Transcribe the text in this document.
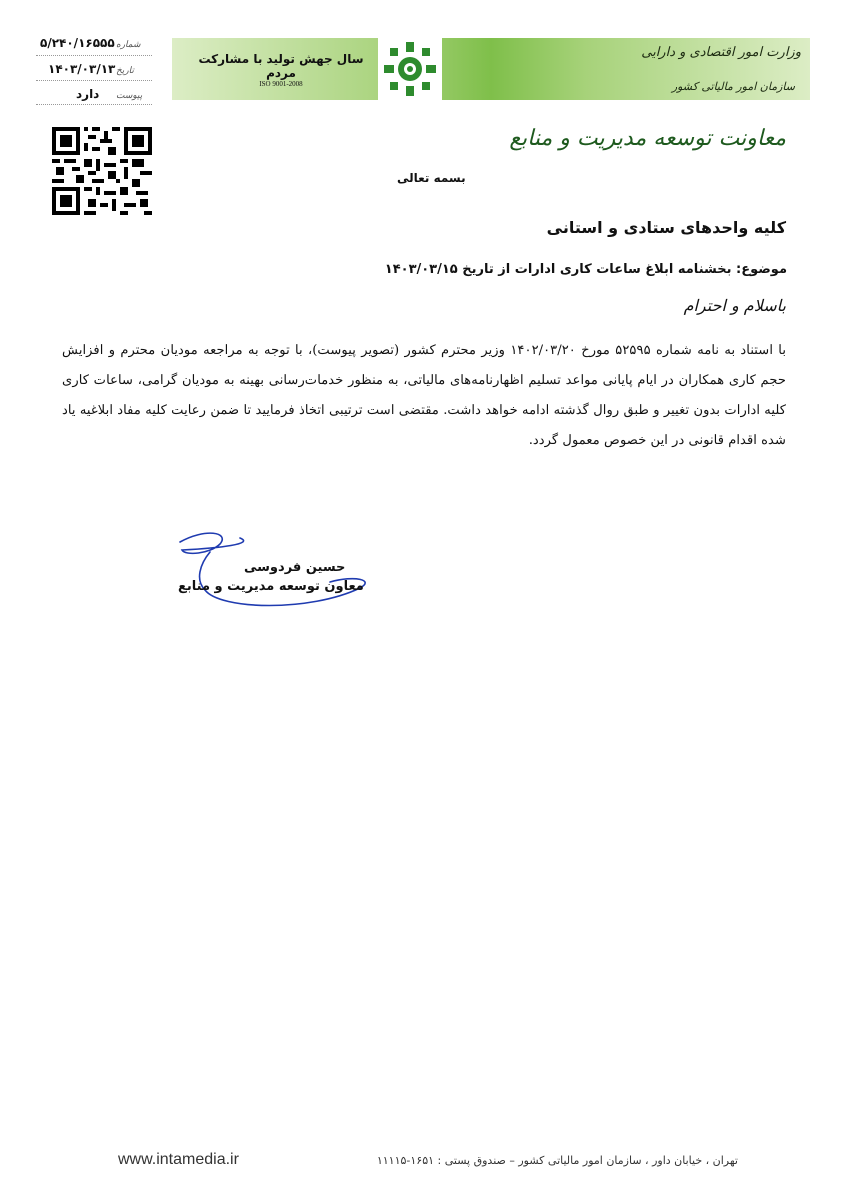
سال جهش تولید با مشارکت مردم
ISO 9001-2008
وزارت امور اقتصادی و دارایی
سازمان امور مالیاتی کشور
معاونت توسعه مدیریت و منابع
۵/۲۴۰/۱۶۵۵۵ شماره
۱۴۰۳/۰۳/۱۳ تاریخ
دارد پیوست
بسمه تعالی
کلیه واحدهای ستادی و استانی
موضوع: بخشنامه ابلاغ ساعات کاری ادارات از تاریخ ۱۴۰۳/۰۳/۱۵
باسلام و احترام
با استناد به نامه شماره ۵۲۵۹۵ مورخ ۱۴۰۲/۰۳/۲۰ وزیر محترم کشور (تصویر پیوست)، با توجه به مراجعه مودیان محترم و افزایش حجم کاری همکاران در ایام پایانی مواعد تسلیم اظهارنامه‌های مالیاتی، به منظور خدمات‌رسانی بهینه به مودیان گرامی، ساعات کاری کلیه ادارات بدون تغییر و طبق روال گذشته ادامه خواهد داشت. مقتضی است ترتیبی اتخاذ فرمایید تا ضمن رعایت کلیه مفاد ابلاغیه یاد شده اقدام قانونی در این خصوص معمول گردد.
حسین فردوسی
معاون توسعه مدیریت و منابع
www.intamedia.ir	تهران ، خیابان داور ، سازمان امور مالیاتی کشور – صندوق پستی : ۱۶۵۱-۱۱۱۱۵
